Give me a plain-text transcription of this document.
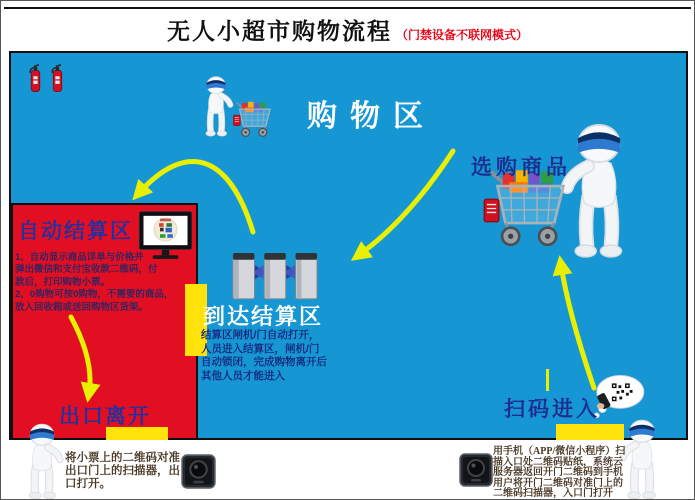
无人小超市购物流程 （门禁设备不联网模式）
购物区
选购商品
扫码进入
自动结算区
到达结算区
出口离开
1、自动显示商品详单与价格并
弹出微信和支付宝收款二维码，付
款后，打印购物小票。
2、0购物可按0购物，不需要的商品，
放入回收箱或送回购物区货架。
结算区闸机/门自动打开，
人员进入结算区，闸机/门
自动锁闭，完成购物离开后
其他人员才能进入
将小票上的二维码对准
出口门上的扫描器，出
口打开。
用手机（APP/微信小程序）扫
描入口处二维码贴纸，系统云
服务器返回开门二维码到手机
用户将开门二维码对准门上的
二维码扫描器，入口门打开
